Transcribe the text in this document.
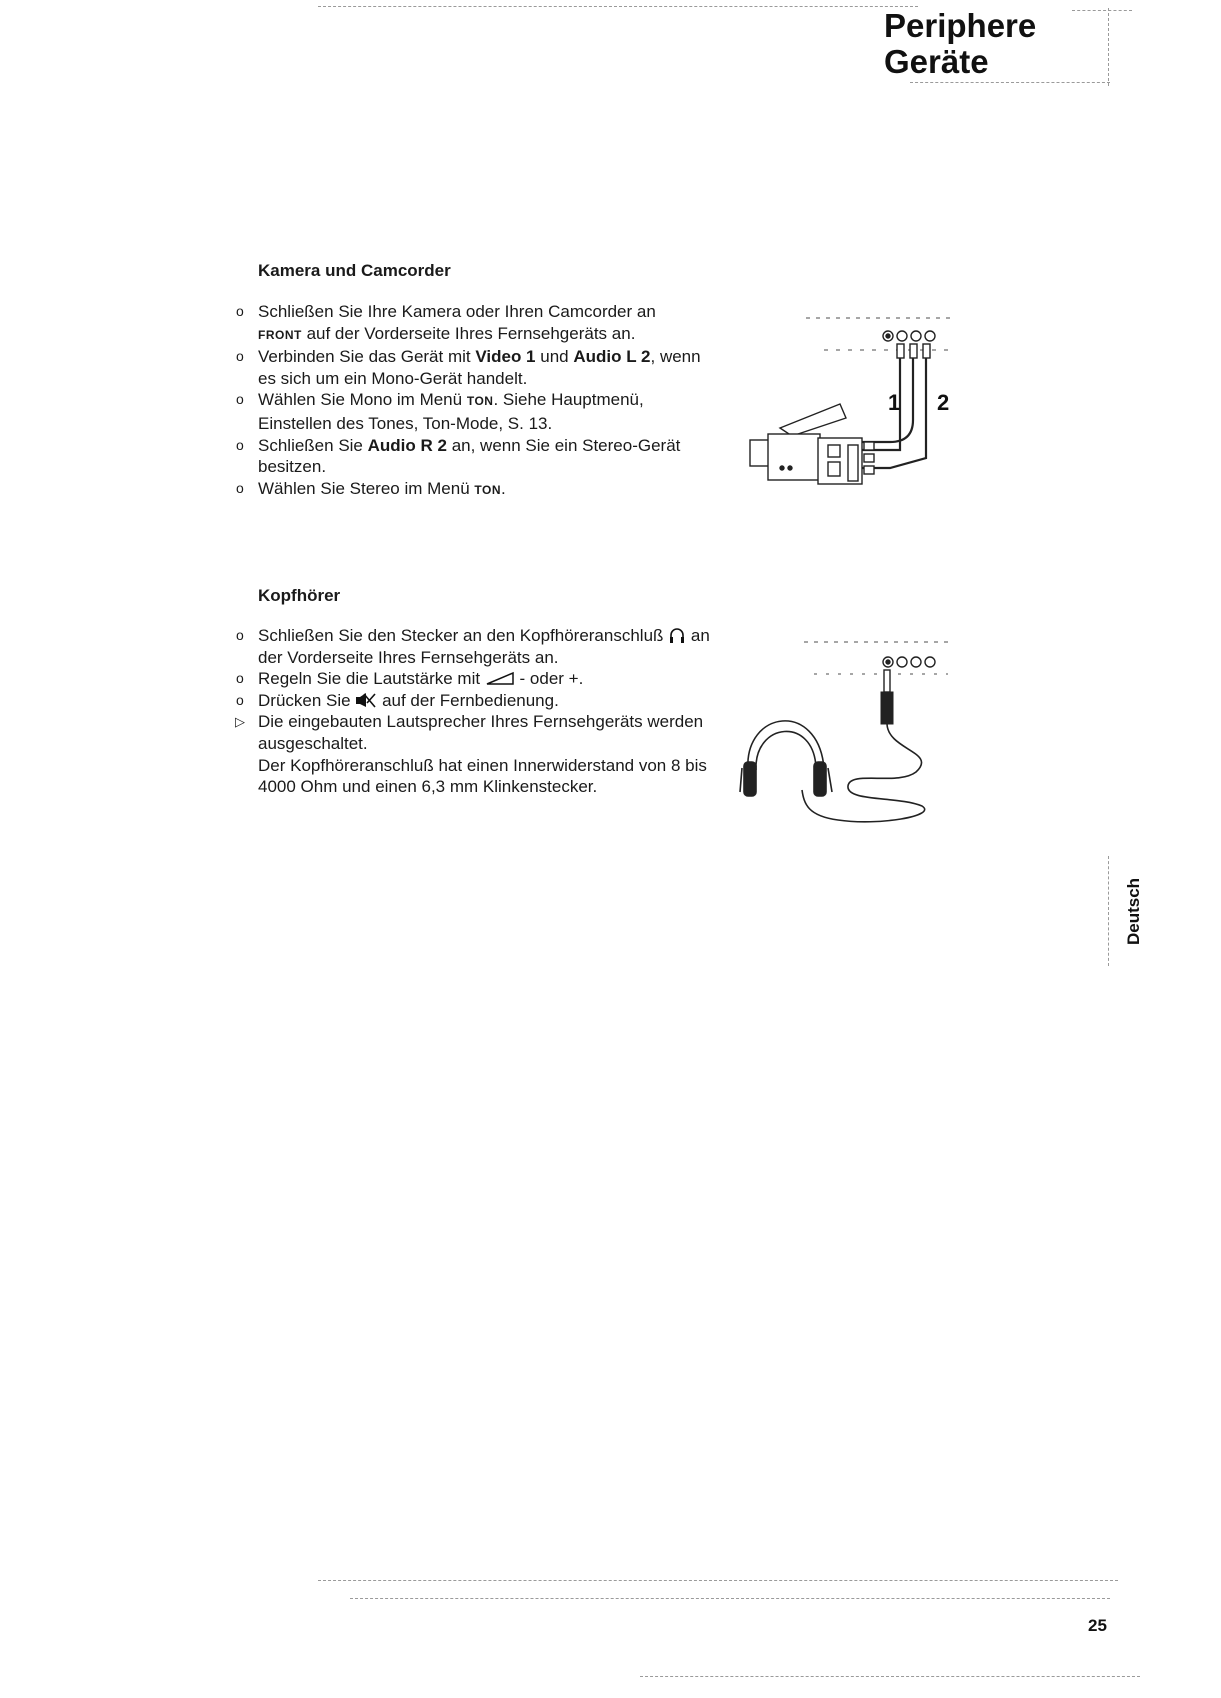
Periphere
Geräte
Kamera und Camcorder
o Schließen Sie Ihre Kamera oder Ihren Camcorder an
FRONT auf der Vorderseite Ihres Fernsehgeräts an.
o Verbinden Sie das Gerät mit Video 1 und Audio L 2, wenn es sich um ein Mono-Gerät handelt.
o Wählen Sie Mono im Menü TON. Siehe Hauptmenü, Einstellen des Tones, Ton-Mode, S. 13.
o Schließen Sie Audio R 2 an, wenn Sie ein Stereo-Gerät besitzen.
o Wählen Sie Stereo im Menü TON.
1 2
Kopfhörer
o Schließen Sie den Stecker an den Kopfhöreranschluß an der Vorderseite Ihres Fernsehgeräts an.
o Regeln Sie die Lautstärke mit - oder +.
o Drücken Sie auf der Fernbedienung.
▷ Die eingebauten Lautsprecher Ihres Fernsehgeräts werden ausgeschaltet.
Der Kopfhöreranschluß hat einen Innerwiderstand von 8 bis 4000 Ohm und einen 6,3 mm Klinkenstecker.
Deutsch
25
